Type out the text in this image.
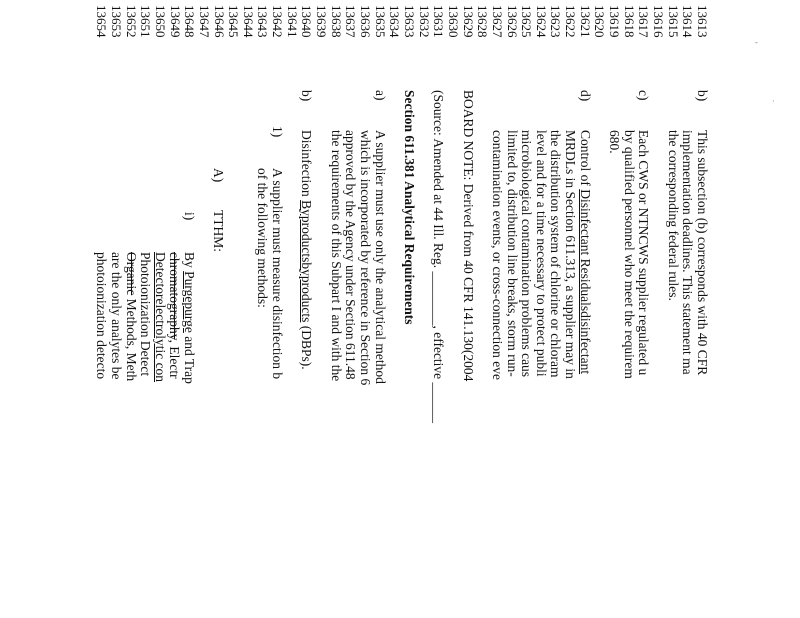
-
·
13613
13614
13615
13616
13617
13618
13619
13620
13621
13622
13623
13624
13625
13626
13627
13628
13629
13630
13631
13632
13633
13634
13635
13636
13637
13638
13639
13640
13641
13642
13643
13644
13645
13646
13647
13648
13649
13650
13651
13652
13653
13654
b)
c)
d)
a)
b)
1)
A)
i)	This subsection (b) corresponds with 40 CFR
implementation deadlines. This statement ma
the corresponding federal rules.
Each CWS or NTNCWS supplier regulated u
by qualified personnel who meet the requirem
680.
Control of Disinfectant Residualsdisinfectant
MRDLs in Section 611.313, a supplier may in
the distribution system of chlorine or chloram
level and for a time necessary to protect publi
microbiological contamination problems caus
limited to, distribution line breaks, storm run-
contamination events, or cross-connection eve
BOARD NOTE: Derived from 40 CFR 141.130(2004
(Source: Amended at 44 Ill. Reg. ________, effective ______
Section 611.381 Analytical Requirements
A supplier must use only the analytical method
which is incorporated by reference in Section 6
approved by the Agency under Section 611.48
the requirements of this Subpart I and with the
Disinfection Byproductsbyproducts (DBPs).
A supplier must measure disinfection b
of the following methods:
TTHM:
By Purgepurge and Trap
chromatography, Electr
Detectorelectrolytic con
Photoionization Detect
Organic Methods, Meth
are the only analytes be
photoionization detecto
